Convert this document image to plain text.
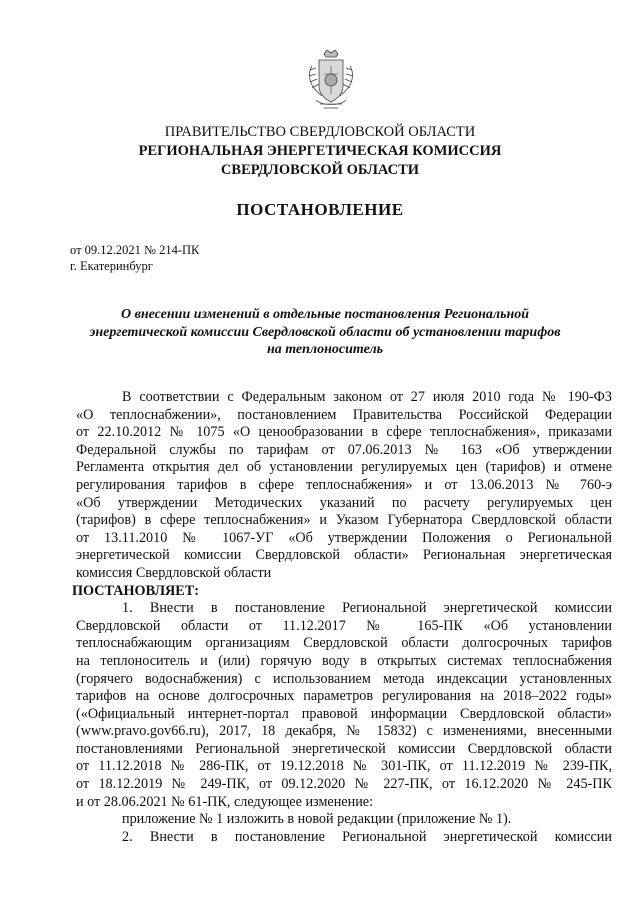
ПРАВИТЕЛЬСТВО СВЕРДЛОВСКОЙ ОБЛАСТИ
РЕГИОНАЛЬНАЯ ЭНЕРГЕТИЧЕСКАЯ КОМИССИЯ
СВЕРДЛОВСКОЙ ОБЛАСТИ
ПОСТАНОВЛЕНИЕ
от 09.12.2021 № 214-ПК
г. Екатеринбург
О внесении изменений в отдельные постановления Региональной
энергетической комиссии Свердловской области об установлении тарифов
на теплоноситель
В соответствии с Федеральным законом от 27 июля 2010 года № 190-ФЗ
«О теплоснабжении», постановлением Правительства Российской Федерации
от 22.10.2012 № 1075 «О ценообразовании в сфере теплоснабжения», приказами
Федеральной службы по тарифам от 07.06.2013 № 163 «Об утверждении
Регламента открытия дел об установлении регулируемых цен (тарифов) и отмене
регулирования тарифов в сфере теплоснабжения» и от 13.06.2013 № 760-э
«Об утверждении Методических указаний по расчету регулируемых цен
(тарифов) в сфере теплоснабжения» и Указом Губернатора Свердловской области
от 13.11.2010 № 1067-УГ «Об утверждении Положения о Региональной
энергетической комиссии Свердловской области» Региональная энергетическая
комиссия Свердловской области
ПОСТАНОВЛЯЕТ:
1. Внести в постановление Региональной энергетической комиссии
Свердловской области от 11.12.2017 № 165-ПК «Об установлении
теплоснабжающим организациям Свердловской области долгосрочных тарифов
на теплоноситель и (или) горячую воду в открытых системах теплоснабжения
(горячего водоснабжения) с использованием метода индексации установленных
тарифов на основе долгосрочных параметров регулирования на 2018–2022 годы»
(«Официальный интернет-портал правовой информации Свердловской области»
(www.pravo.gov66.ru), 2017, 18 декабря, № 15832) с изменениями, внесенными
постановлениями Региональной энергетической комиссии Свердловской области
от 11.12.2018 № 286-ПК, от 19.12.2018 № 301-ПК, от 11.12.2019 № 239-ПК,
от 18.12.2019 № 249-ПК, от 09.12.2020 № 227-ПК, от 16.12.2020 № 245-ПК
и от 28.06.2021 № 61-ПК, следующее изменение:
приложение № 1 изложить в новой редакции (приложение № 1).
2. Внести в постановление Региональной энергетической комиссии
